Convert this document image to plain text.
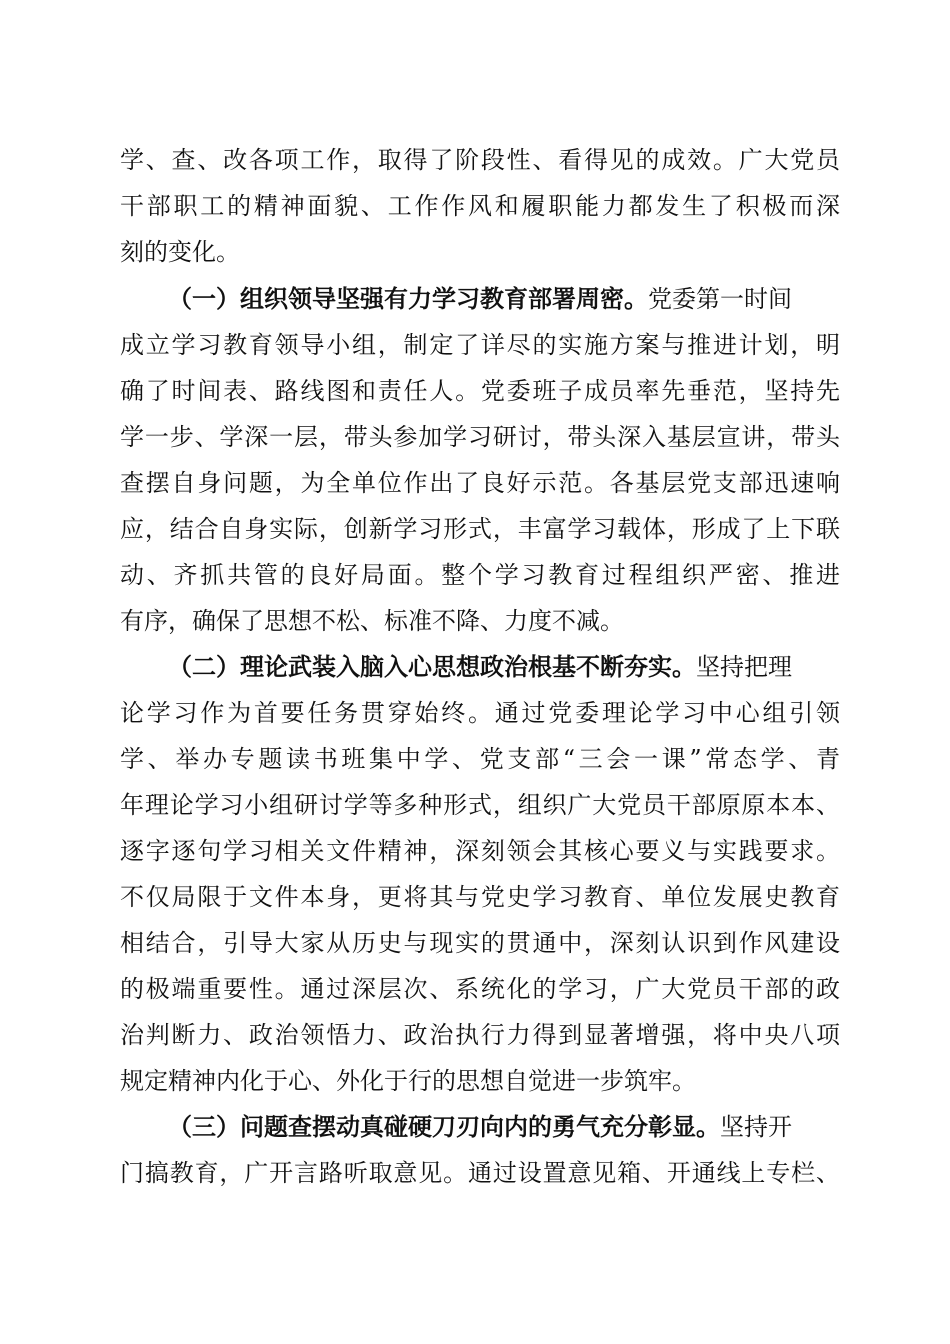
学、查、改各项工作，取得了阶段性、看得见的成效。广大党员
干部职工的精神面貌、工作作风和履职能力都发生了积极而深
刻的变化。
（一）组织领导坚强有力学习教育部署周密。党委第一时间
成立学习教育领导小组，制定了详尽的实施方案与推进计划，明
确了时间表、路线图和责任人。党委班子成员率先垂范，坚持先
学一步、学深一层，带头参加学习研讨，带头深入基层宣讲，带头
查摆自身问题，为全单位作出了良好示范。各基层党支部迅速响
应，结合自身实际，创新学习形式，丰富学习载体，形成了上下联
动、齐抓共管的良好局面。整个学习教育过程组织严密、推进
有序，确保了思想不松、标准不降、力度不减。
（二）理论武装入脑入心思想政治根基不断夯实。坚持把理
论学习作为首要任务贯穿始终。通过党委理论学习中心组引领
学、举办专题读书班集中学、党支部“三会一课”常态学、青
年理论学习小组研讨学等多种形式，组织广大党员干部原原本本、
逐字逐句学习相关文件精神，深刻领会其核心要义与实践要求。
不仅局限于文件本身，更将其与党史学习教育、单位发展史教育
相结合，引导大家从历史与现实的贯通中，深刻认识到作风建设
的极端重要性。通过深层次、系统化的学习，广大党员干部的政
治判断力、政治领悟力、政治执行力得到显著增强，将中央八项
规定精神内化于心、外化于行的思想自觉进一步筑牢。
（三）问题查摆动真碰硬刀刃向内的勇气充分彰显。坚持开
门搞教育，广开言路听取意见。通过设置意见箱、开通线上专栏、
